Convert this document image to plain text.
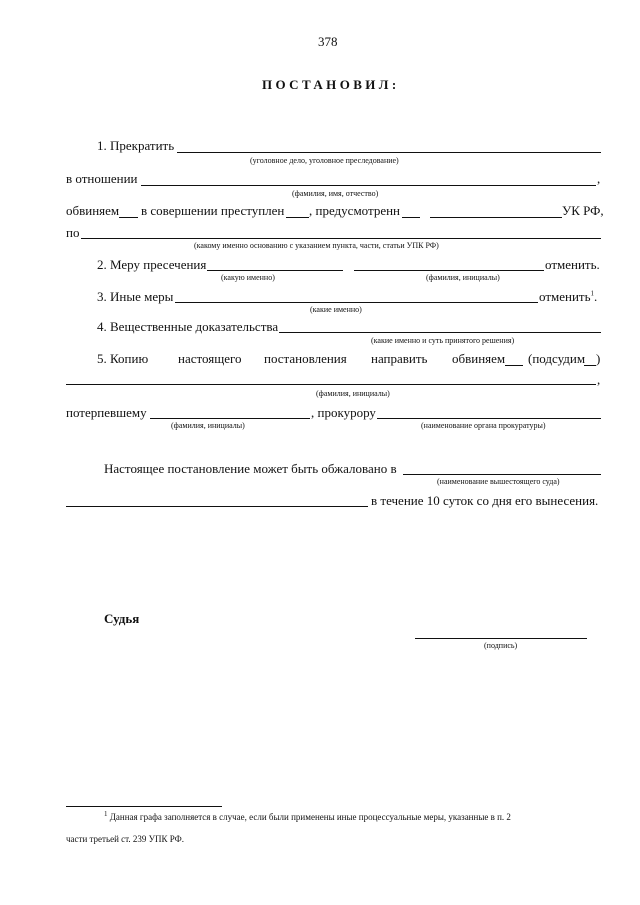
378
ПОСТАНОВИЛ:
1. Прекратить
(уголовное дело, уголовное преследование)
в отношении	,
(фамилия, имя, отчество)
обвиняем в совершении преступлен , предусмотренн	УК РФ,
по
(какому именно основанию с указанием пункта, части, статьи УПК РФ)
2. Меру пресечения	отменить.
(какую именно)	(фамилия, инициалы)
3. Иные меры	отменить$^1$.
(какие именно)
4. Вещественные доказательства
(какие именно и суть принятого решения)
5. Копию настоящего постановления направить обвиняем (подсудим )
,
(фамилия, инициалы)
потерпевшему	, прокурору
(фамилия, инициалы)	(наименование органа прокуратуры)
Настоящее постановление может быть обжаловано в
(наименование вышестоящего суда)
в течение 10 суток со дня его вынесения.
Судья
(подпись)
$^1$ Данная графа заполняется в случае, если были применены иные процессуальные меры, указанные в п. 2
части третьей ст. 239 УПК РФ.
